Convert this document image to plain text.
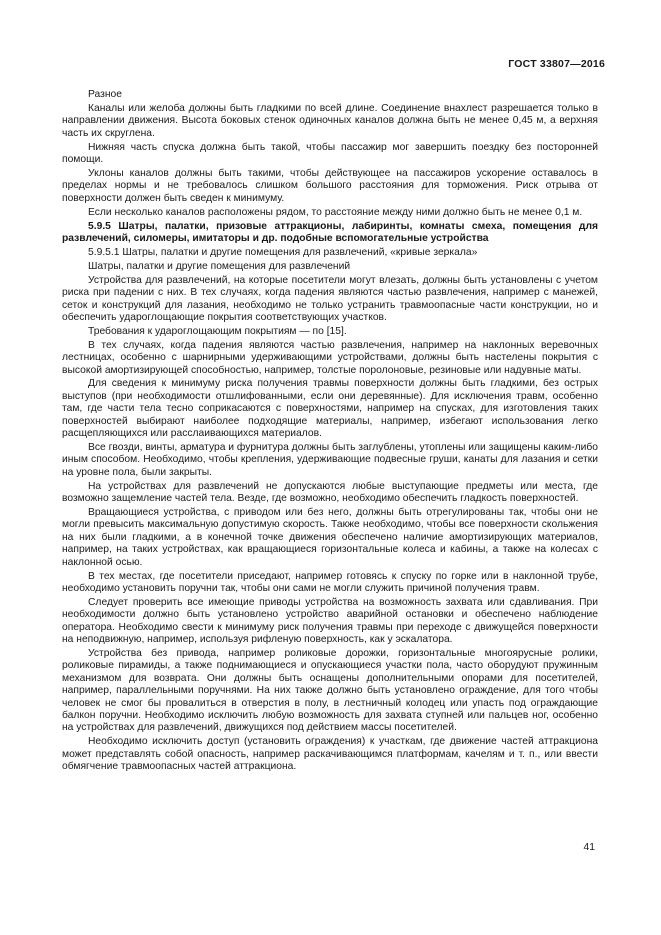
ГОСТ 33807—2016

Разное

Каналы или желоба должны быть гладкими по всей длине. Соединение внахлест разрешается только в направлении движения. Высота боковых стенок одиночных каналов должна быть не менее 0,45 м, а верхняя часть их скруглена.

Нижняя часть спуска должна быть такой, чтобы пассажир мог завершить поездку без посторонней помощи.

Уклоны каналов должны быть такими, чтобы действующее на пассажиров ускорение оставалось в пределах нормы и не требовалось слишком большого расстояния для торможения. Риск отрыва от поверхности должен быть сведен к минимуму.

Если несколько каналов расположены рядом, то расстояние между ними должно быть не менее 0,1 м.

5.9.5 Шатры, палатки, призовые аттракционы, лабиринты, комнаты смеха, помещения для развлечений, силомеры, имитаторы и др. подобные вспомогательные устройства

5.9.5.1 Шатры, палатки и другие помещения для развлечений, «кривые зеркала»

Шатры, палатки и другие помещения для развлечений

Устройства для развлечений, на которые посетители могут влезать, должны быть установлены с учетом риска при падении с них. В тех случаях, когда падения являются частью развлечения, например с манежей, сеток и конструкций для лазания, необходимо не только устранить травмоопасные части конструкции, но и обеспечить удароглощающие покрытия соответствующих участков.

Требования к удароглощающим покрытиям — по [15].

В тех случаях, когда падения являются частью развлечения, например на наклонных веревочных лестницах, особенно с шарнирными удерживающими устройствами, должны быть настелены покрытия с высокой амортизирующей способностью, например, толстые поролоновые, резиновые или надувные маты.

Для сведения к минимуму риска получения травмы поверхности должны быть гладкими, без острых выступов (при необходимости отшлифованными, если они деревянные). Для исключения травм, особенно там, где части тела тесно соприкасаются с поверхностями, например на спусках, для изготовления таких поверхностей выбирают наиболее подходящие материалы, например, избегают использования легко расщепляющихся или расслаивающихся материалов.

Все гвозди, винты, арматура и фурнитура должны быть заглублены, утоплены или защищены каким-либо иным способом. Необходимо, чтобы крепления, удерживающие подвесные груши, канаты для лазания и сетки на уровне пола, были закрыты.

На устройствах для развлечений не допускаются любые выступающие предметы или места, где возможно защемление частей тела. Везде, где возможно, необходимо обеспечить гладкость поверхностей.

Вращающиеся устройства, с приводом или без него, должны быть отрегулированы так, чтобы они не могли превысить максимальную допустимую скорость. Также необходимо, чтобы все поверхности скольжения на них были гладкими, а в конечной точке движения обеспечено наличие амортизирующих материалов, например, на таких устройствах, как вращающиеся горизонтальные колеса и кабины, а также на колесах с наклонной осью.

В тех местах, где посетители приседают, например готовясь к спуску по горке или в наклонной трубе, необходимо установить поручни так, чтобы они сами не могли служить причиной получения травм.

Следует проверить все имеющие приводы устройства на возможность захвата или сдавливания. При необходимости должно быть установлено устройство аварийной остановки и обеспечено наблюдение оператора. Необходимо свести к минимуму риск получения травмы при переходе с движущейся поверхности на неподвижную, например, используя рифленую поверхность, как у эскалатора.

Устройства без привода, например роликовые дорожки, горизонтальные многоярусные ролики, роликовые пирамиды, а также поднимающиеся и опускающиеся участки пола, часто оборудуют пружинным механизмом для возврата. Они должны быть оснащены дополнительными опорами для посетителей, например, параллельными поручнями. На них также должно быть установлено ограждение, для того чтобы человек не смог бы провалиться в отверстия в полу, в лестничный колодец или упасть под ограждающие балкон поручни. Необходимо исключить любую возможность для захвата ступней или пальцев ног, особенно на устройствах для развлечений, движущихся под действием массы посетителей.

Необходимо исключить доступ (установить ограждения) к участкам, где движение частей аттракциона может представлять собой опасность, например раскачивающимся платформам, качелям и т. п., или ввести обмягчение травмоопасных частей аттракциона.

41
